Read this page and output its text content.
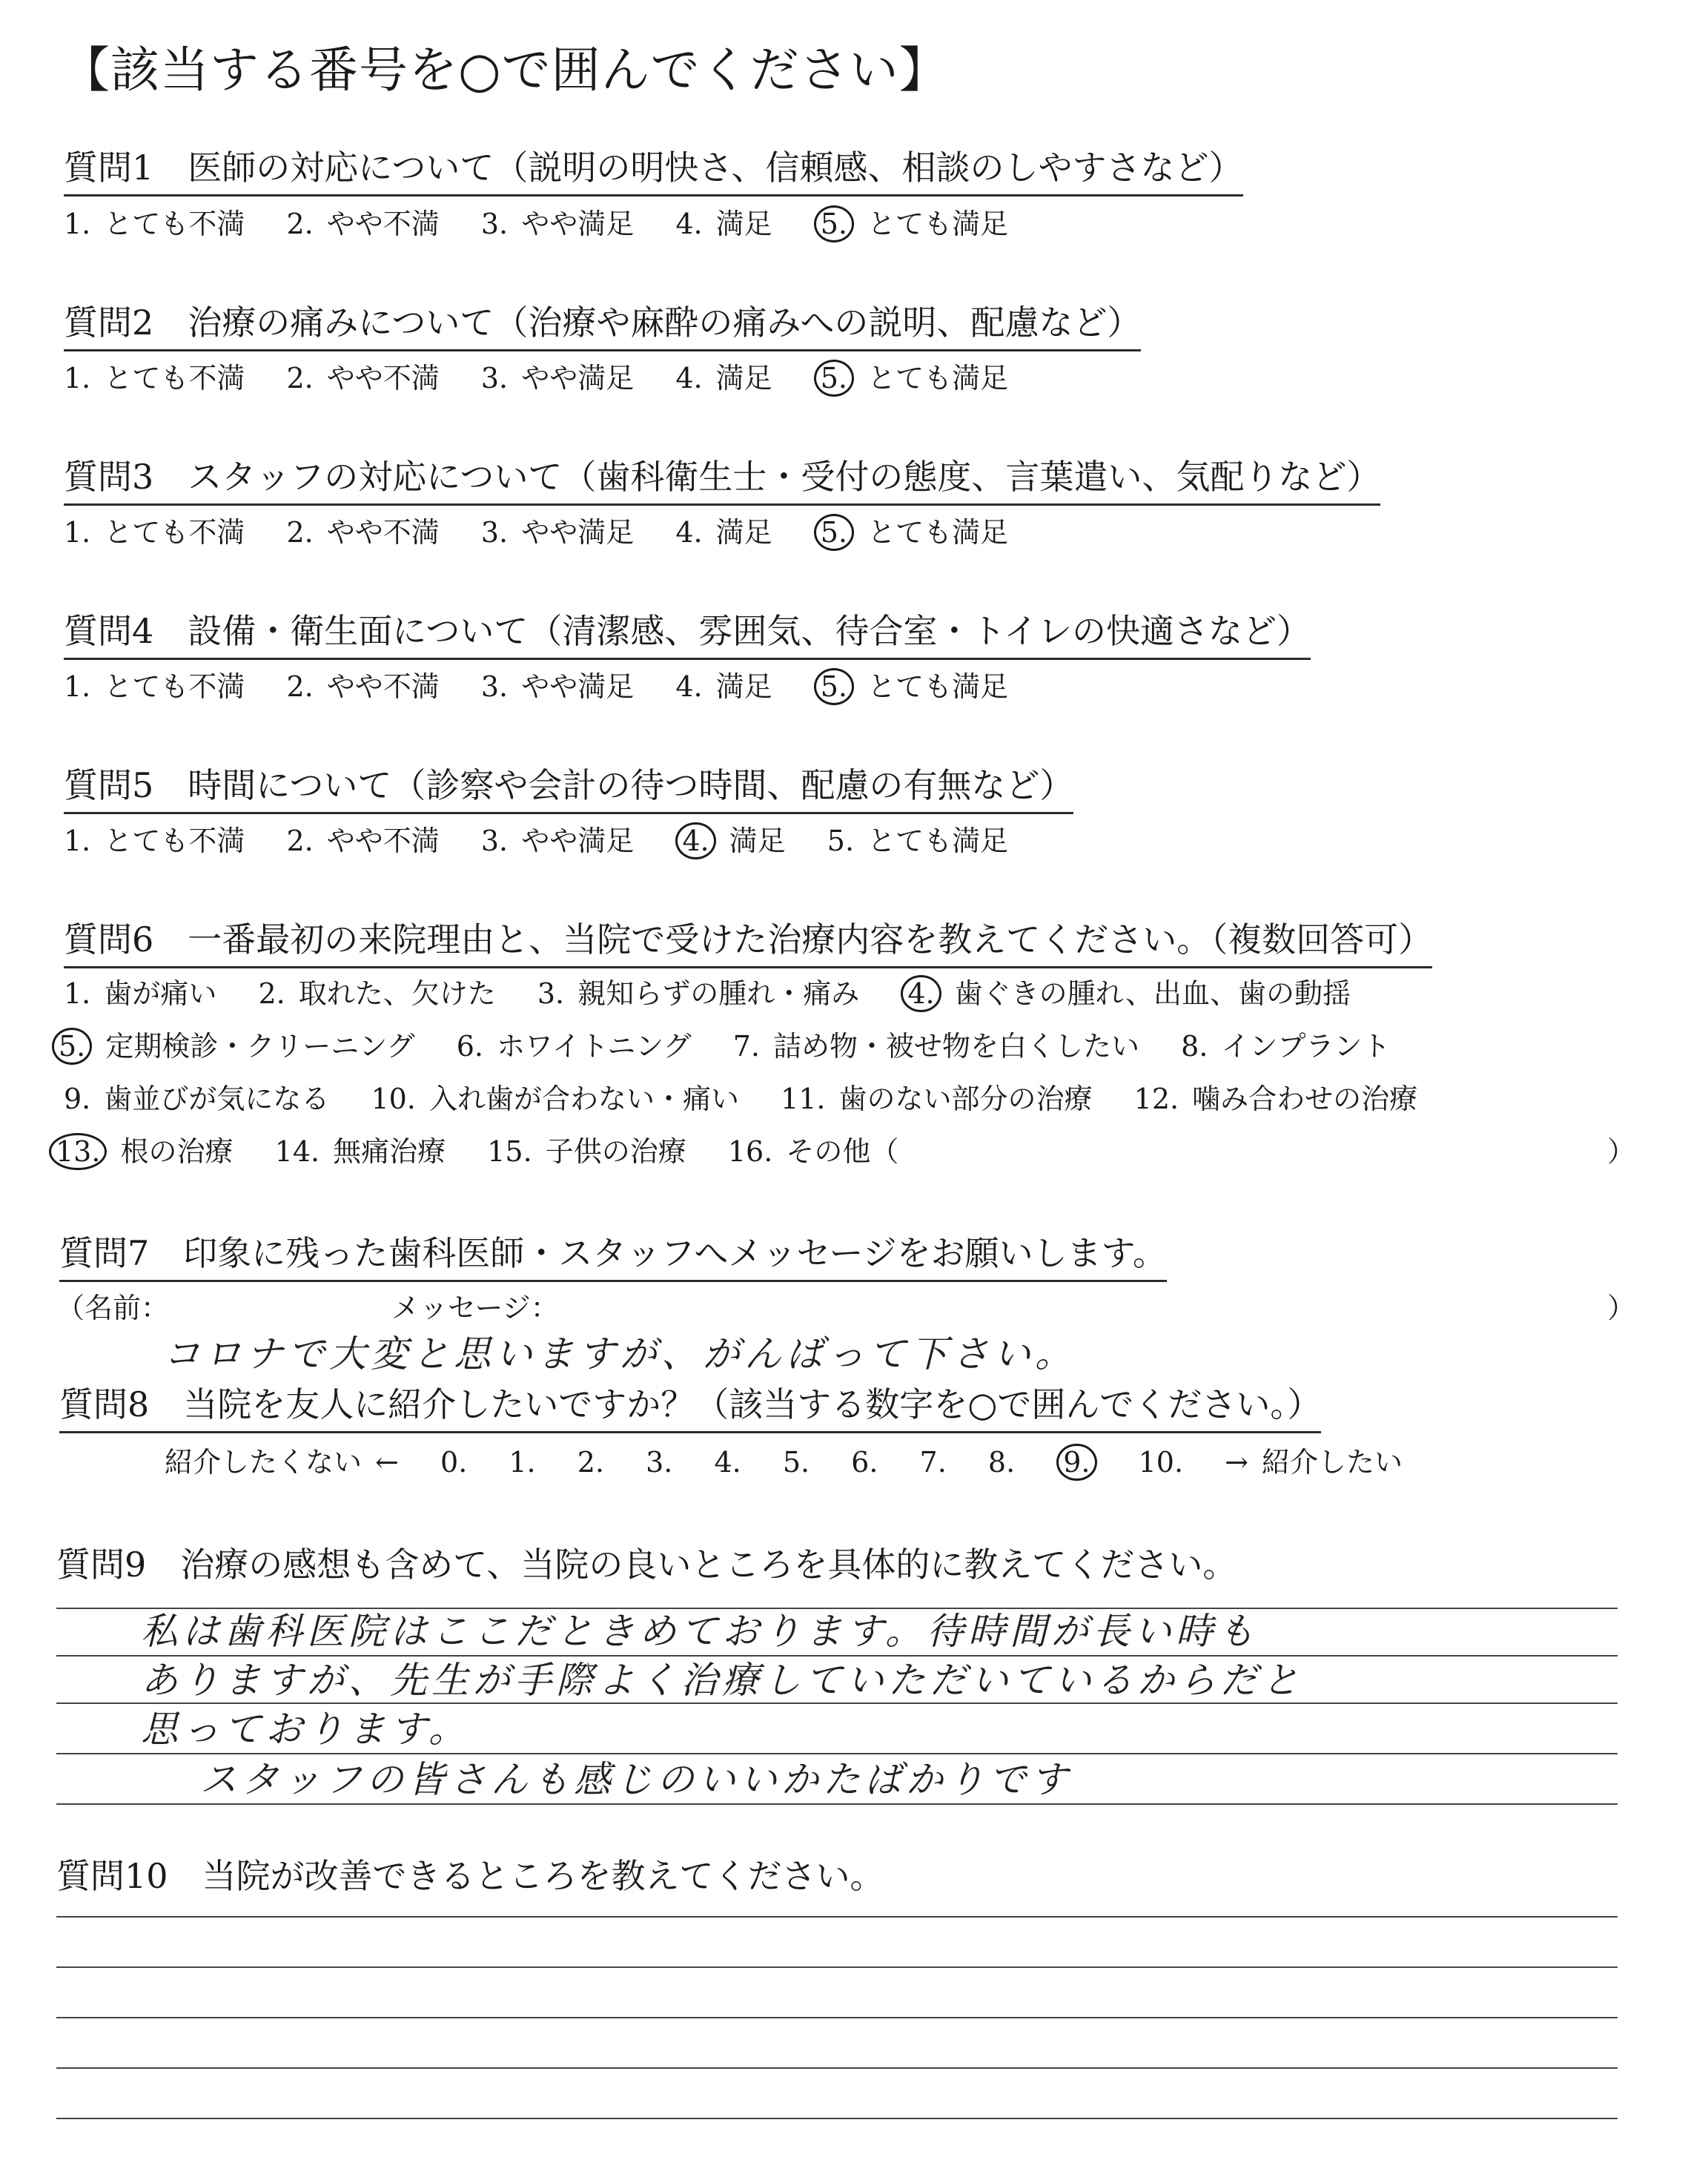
【該当する番号を○で囲んでください】
質問1　医師の対応について（説明の明快さ、信頼感、相談のしやすさなど）
1. とても不満　 2. やや不満　 3. やや満足　 4. 満足　 5. とても満足
質問2　治療の痛みについて（治療や麻酔の痛みへの説明、配慮など）
1. とても不満　 2. やや不満　 3. やや満足　 4. 満足　 5. とても満足
質問3　スタッフの対応について（歯科衛生士・受付の態度、言葉遣い、気配りなど）
1. とても不満　 2. やや不満　 3. やや満足　 4. 満足　 5. とても満足
質問4　設備・衛生面について（清潔感、雰囲気、待合室・トイレの快適さなど）
1. とても不満　 2. やや不満　 3. やや満足　 4. 満足　 5. とても満足
質問5　時間について（診察や会計の待つ時間、配慮の有無など）
1. とても不満　 2. やや不満　 3. やや満足　 4. 満足　 5. とても満足
質問6　一番最初の来院理由と、当院で受けた治療内容を教えてください。（複数回答可）
1. 歯が痛い　 2. 取れた、欠けた　 3. 親知らずの腫れ・痛み　 4. 歯ぐきの腫れ、出血、歯の動揺
5. 定期検診・クリーニング　 6. ホワイトニング　 7. 詰め物・被せ物を白くしたい　 8. インプラント
9. 歯並びが気になる　 10. 入れ歯が合わない・痛い　 11. 歯のない部分の治療　 12. 噛み合わせの治療
13. 根の治療　 14. 無痛治療　 15. 子供の治療　 16. その他（	）
質問7　印象に残った歯科医師・スタッフへメッセージをお願いします。
（名前：	メッセージ：	）
コロナで大変と思いますが、がんばって下さい。
質問8　当院を友人に紹介したいですか？（該当する数字を○で囲んでください。）
紹介したくない ←　 0.　 1.　 2.　 3.　 4.　 5.　 6.　 7.　 8.　 9.　 10.　 → 紹介したい
質問9　治療の感想も含めて、当院の良いところを具体的に教えてください。
私は歯科医院はここだときめております。待時間が長い時も
ありますが、先生が手際よく治療していただいているからだと
思っております。
スタッフの皆さんも感じのいいかたばかりです
質問10　当院が改善できるところを教えてください。
